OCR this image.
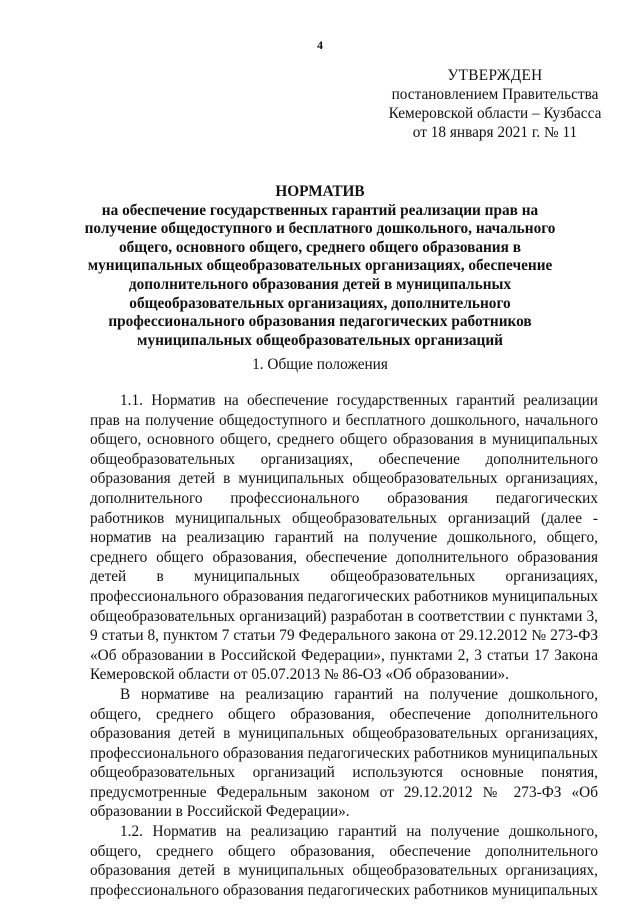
4
УТВЕРЖДЕН
постановлением Правительства
Кемеровской области – Кузбасса
от 18 января 2021 г. № 11
НОРМАТИВ
на обеспечение государственных гарантий реализации прав на
получение общедоступного и бесплатного дошкольного, начального
общего, основного общего, среднего общего образования в
муниципальных общеобразовательных организациях, обеспечение
дополнительного образования детей в муниципальных
общеобразовательных организациях, дополнительного
профессионального образования педагогических работников
муниципальных общеобразовательных организаций
1. Общие положения
1.1. Норматив на обеспечение государственных гарантий реализации
прав на получение общедоступного и бесплатного дошкольного, начального
общего, основного общего, среднего общего образования в муниципальных
общеобразовательных организациях, обеспечение дополнительного
образования детей в муниципальных общеобразовательных организациях,
дополнительного профессионального образования педагогических
работников муниципальных общеобразовательных организаций (далее -
норматив на реализацию гарантий на получение дошкольного, общего,
среднего общего образования, обеспечение дополнительного образования
детей в муниципальных общеобразовательных организациях,
профессионального образования педагогических работников муниципальных
общеобразовательных организаций) разработан в соответствии с пунктами 3,
9 статьи 8, пунктом 7 статьи 79 Федерального закона от 29.12.2012 № 273-ФЗ
«Об образовании в Российской Федерации», пунктами 2, 3 статьи 17 Закона
Кемеровской области от 05.07.2013 № 86-ОЗ «Об образовании».
В нормативе на реализацию гарантий на получение дошкольного,
общего, среднего общего образования, обеспечение дополнительного
образования детей в муниципальных общеобразовательных организациях,
профессионального образования педагогических работников муниципальных
общеобразовательных организаций используются основные понятия,
предусмотренные Федеральным законом от 29.12.2012 № 273-ФЗ «Об
образовании в Российской Федерации».
1.2. Норматив на реализацию гарантий на получение дошкольного,
общего, среднего общего образования, обеспечение дополнительного
образования детей в муниципальных общеобразовательных организациях,
профессионального образования педагогических работников муниципальных
